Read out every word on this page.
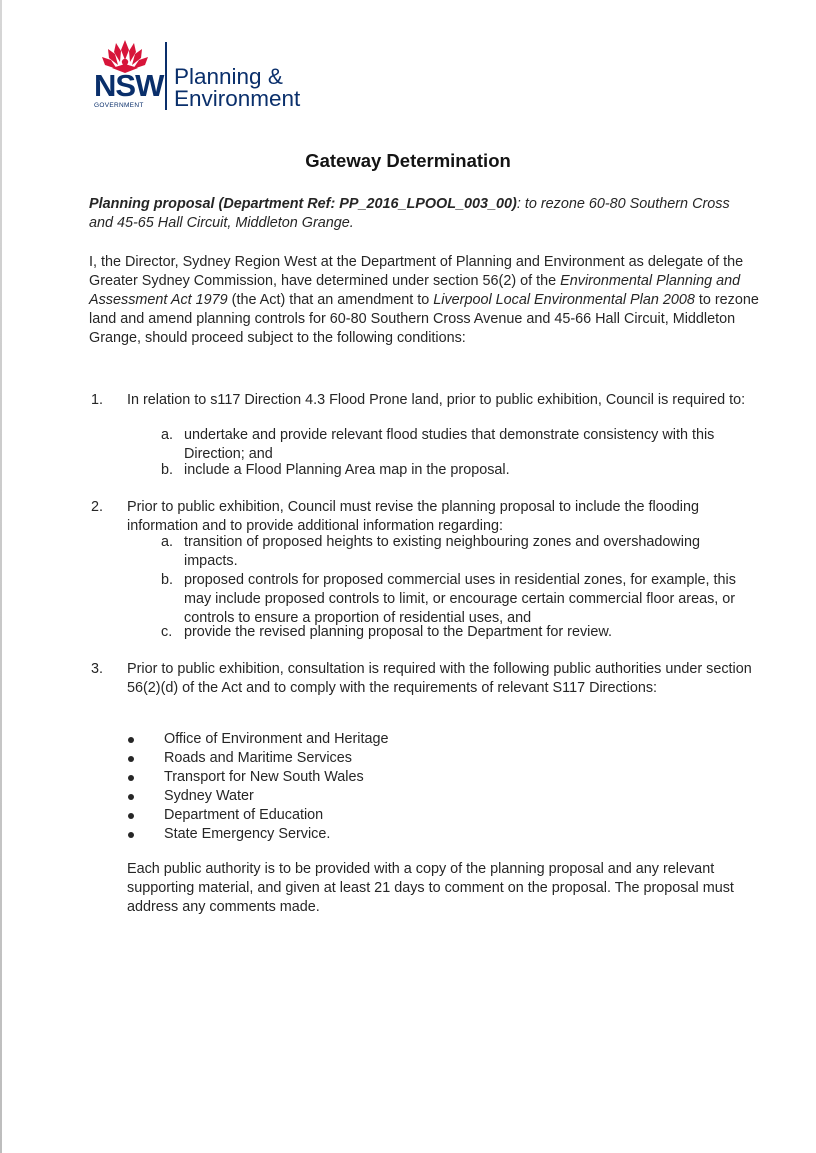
NSW
GOVERNMENT
Planning &
Environment
Gateway Determination
Planning proposal (Department Ref: PP_2016_LPOOL_003_00): to rezone 60-80 Southern Cross and 45-65 Hall Circuit, Middleton Grange.
I, the Director, Sydney Region West at the Department of Planning and Environment as delegate of the Greater Sydney Commission, have determined under section 56(2) of the Environmental Planning and Assessment Act 1979 (the Act) that an amendment to Liverpool Local Environmental Plan 2008 to rezone land and amend planning controls for 60-80 Southern Cross Avenue and 45-66 Hall Circuit, Middleton Grange, should proceed subject to the following conditions:
1. In relation to s117 Direction 4.3 Flood Prone land, prior to public exhibition, Council is required to:
a. undertake and provide relevant flood studies that demonstrate consistency with this Direction; and
b. include a Flood Planning Area map in the proposal.
2. Prior to public exhibition, Council must revise the planning proposal to include the flooding information and to provide additional information regarding:
a. transition of proposed heights to existing neighbouring zones and overshadowing impacts.
b. proposed controls for proposed commercial uses in residential zones, for example, this may include proposed controls to limit, or encourage certain commercial floor areas, or controls to ensure a proportion of residential uses, and
c. provide the revised planning proposal to the Department for review.
3. Prior to public exhibition, consultation is required with the following public authorities under section 56(2)(d) of the Act and to comply with the requirements of relevant S117 Directions:
Office of Environment and Heritage
Roads and Maritime Services
Transport for New South Wales
Sydney Water
Department of Education
State Emergency Service.
Each public authority is to be provided with a copy of the planning proposal and any relevant supporting material, and given at least 21 days to comment on the proposal. The proposal must address any comments made.
